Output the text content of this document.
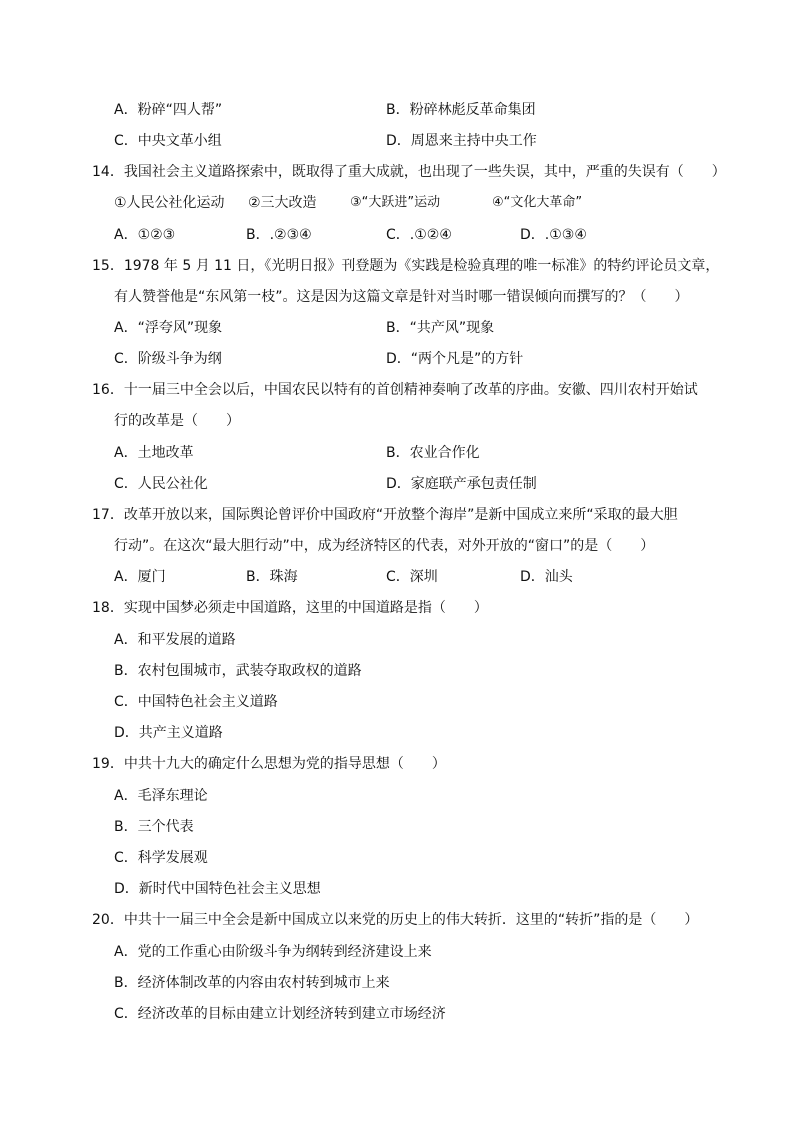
A．粉碎“四人帮”	B．粉碎林彪反革命集团
C．中央文革小组	D．周恩来主持中央工作
14．我国社会主义道路探索中，既取得了重大成就，也出现了一些失误，其中，严重的失误有（　　）
①人民公社化运动 ②三大改造	③“大跃进”运动	④“文化大革命”
A．①②③	B．.②③④	C．.①②④	D．.①③④
15．1978 年 5 月 11 日，《光明日报》刊登题为《实践是检验真理的唯一标准》的特约评论员文章，
有人赞誉他是“东风第一枝”。这是因为这篇文章是针对当时哪一错误倾向而撰写的？（　　）
A．“浮夸风”现象	B．“共产风”现象
C．阶级斗争为纲	D．“两个凡是”的方针
16．十一届三中全会以后，中国农民以特有的首创精神奏响了改革的序曲。安徽、四川农村开始试
行的改革是（　　）
A．土地改革	B．农业合作化
C．人民公社化	D．家庭联产承包责任制
17．改革开放以来，国际舆论曾评价中国政府“开放整个海岸”是新中国成立来所“采取的最大胆
行动”。在这次“最大胆行动”中，成为经济特区的代表，对外开放的“窗口”的是（　　）
A．厦门	B．珠海	C．深圳	D．汕头
18．实现中国梦必须走中国道路，这里的中国道路是指（　　）
A．和平发展的道路
B．农村包围城市，武装夺取政权的道路
C．中国特色社会主义道路
D．共产主义道路
19．中共十九大的确定什么思想为党的指导思想（　　）
A．毛泽东理论
B．三个代表
C．科学发展观
D．新时代中国特色社会主义思想
20．中共十一届三中全会是新中国成立以来党的历史上的伟大转折．这里的“转折”指的是（　　）
A．党的工作重心由阶级斗争为纲转到经济建设上来
B．经济体制改革的内容由农村转到城市上来
C．经济改革的目标由建立计划经济转到建立市场经济
